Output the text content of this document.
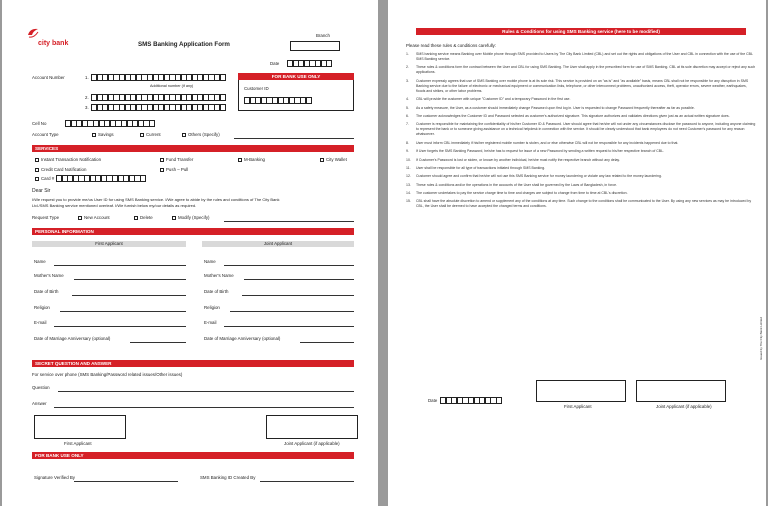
city bank	SMS Banking Application Form
Branch
Date
Account Number	1.
Additional number (if any)
2.
3.
FOR BANK USE ONLY
Customer ID
Cell No
Account Type	Savings	Current	Others (Specify)
SERVICES
Instant Transaction Notification	Fund Transfer	M-Banking	City Wallet
Credit Card Notification	Push – Pull
Card #
Dear Sir
I/We request you to provide me/us User ID for using SMS Banking service. I/We agree to abide by the rules and conditions of The City Bank
Ltd./SMS Banking service mentioned overleaf. I/We furnish below my/our details as required.
Request Type	New Account	Delete	Modify (Specify)
PERSONAL INFORMATION
First Applicant	Joint Applicant
Name	Name
Mother's Name	Mother's Name
Date of Birth	Date of Birth
Religion	Religion
E-mail	E-mail
Date of Marriage Anniversary (optional)	Date of Marriage Anniversary (optional)
SECRET QUESTION AND ANSWER
For service over phone (SMS Banking/Password related issues/Other issues)
Question
Answer
First Applicant	Joint Applicant (if applicable)
FOR BANK USE ONLY
Signature Verified By	SMS Banking ID Created By
Rules & Conditions for using SMS Banking service (here to be modified)
Please read these rules & conditions carefully:
1.	SMS banking service means Banking over Mobile phone through SMS provided to Users by The City Bank Limited (CBL) and set out the rights and obligations of the User and CBL in connection with the use of the CBL SMS Banking service.
2.	These rules & conditions form the contract between the User and CBL for using SMS Banking. The User shall apply in the prescribed form for use of SMS Banking. CBL at its sole discretion may accept or reject any such applications.
3.	Customer expressly agrees that use of SMS Banking over mobile phone is at its sole risk. This service is provided on an "as is" and "as available" basis, means CBL shall not be responsible for any disruption in SMS Banking service due to the failure of electronic or mechanical equipment or communication links, telephone, or other interconnect problems, unauthorized access, theft, operator errors, severe weather, earthquakes, floods and strikes, or other labor problems.
4.	CBL will provide the customer with unique "Customer ID" and a temporary Password in the first use.
5.	As a safety measure, the User, as a customer should immediately change Password upon first log in. User is requested to change Password frequently thereafter as far as possible.
6.	The customer acknowledges the Customer ID and Password selected as customer's authorized signature. This signature authorizes and validates directions given just as an actual written signature does.
7.	Customer is responsible for maintaining the confidentiality of his/her Customer ID & Password. User should agree that he/she will not under any circumstances disclose the password to anyone, including anyone claiming to represent the bank or to someone giving assistance on a technical helpdesk in connection with the service. It should be clearly understood that bank employees do not need Customer's password for any reason whatsoever.
8.	User must inform CBL immediately if his/her registered mobile number is stolen, and or else otherwise CBL will not be responsible for any incidents happened due to that.
9.	If User forgets the SMS Banking Password, he/she has to request for issue of a new Password by sending a written request to his/her respective branch of CBL.
10.	If Customer's Password is lost or stolen, or known by another individual, he/she must notify the respective branch without any delay.
11.	User shall be responsible for all type of transactions initiated through SMS Banking.
12.	Customer should agree and confirm that he/she will not use this SMS Banking service for money laundering or violate any law related to the money laundering.
13.	These rules & conditions and/or the operations in the accounts of the User shall be governed by the Laws of Bangladesh, in force.
14.	The customer undertakes to pay the service charge time to time and charges are subject to change from time to time at CBL's discretion.
15.	CBL shall have the absolute discretion to amend or supplement any of the conditions at any time. Such change to the conditions shall be communicated to the User. By using any new services as may be introduced by CBL, the User shall be deemed to have accepted the changed terms and conditions.
Date
First Applicant	Joint Applicant (if applicable)
Issued by The City Bank Limited
